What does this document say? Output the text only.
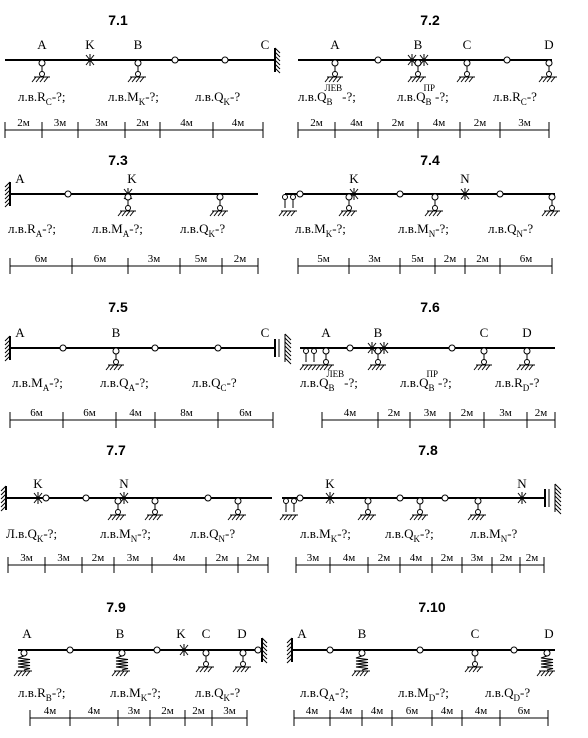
7.1
A	K	B	C
$л.в.R_C-$?;	$л.в.M_K-$?;	$л.в.Q_K-$?
2м 3м	3м	2м	4м	4м
7.2
A	B	C	D
$л.в.Q_BЛЕВ-$?;	$л.в.Q_BПР-$?;	$л.в.R_C-$?
2м	4м	2м	4м	2м	3м
7.3
A	K
$л.в.R_A-$?;	$л.в.M_A-$?;	$л.в.Q_K-$?
6м	6м	3м	5м 2м
7.4
K	N
$л.в.M_K-$?;	$л.в.M_N-$?;	$л.в.Q_N-$?
5м	3м	5м 2м 2м	6м
7.5
A	B	C
$л.в.M_A-$?;	$л.в.Q_A-$?;	$л.в.Q_C-$?
6м	6м	4м	8м	6м
7.6
A	B	C	D
$л.в.Q_BЛЕВ-$?;	$л.в.Q_BПР-$?;	$л.в.R_D-$?
4м	2м 3м 2м 3м 2м
7.7
K	N
$Л.в.Q_K-$?;	$л.в.M_N-$?;	$л.в.Q_N-$?
3м 3м 2м 3м	4м	2м 2м
7.8
K	N
$л.в.M_K-$?;	$л.в.Q_K-$?;	$л.в.M_N-$?
3м 4м 2м 4м 2м 3м 2м 2м
7.9
A	B	K C D
$л.в.R_B-$?;	$л.в.M_K-$?;	$л.в.Q_K-$?
4м	4м	3м 2м 2м 3м
7.10
A	B	C	D
$л.в.Q_A-$?;	$л.в.M_D-$?;	$л.в.Q_D-$?
4м 4м 4м 6м 4м 4м	6м
